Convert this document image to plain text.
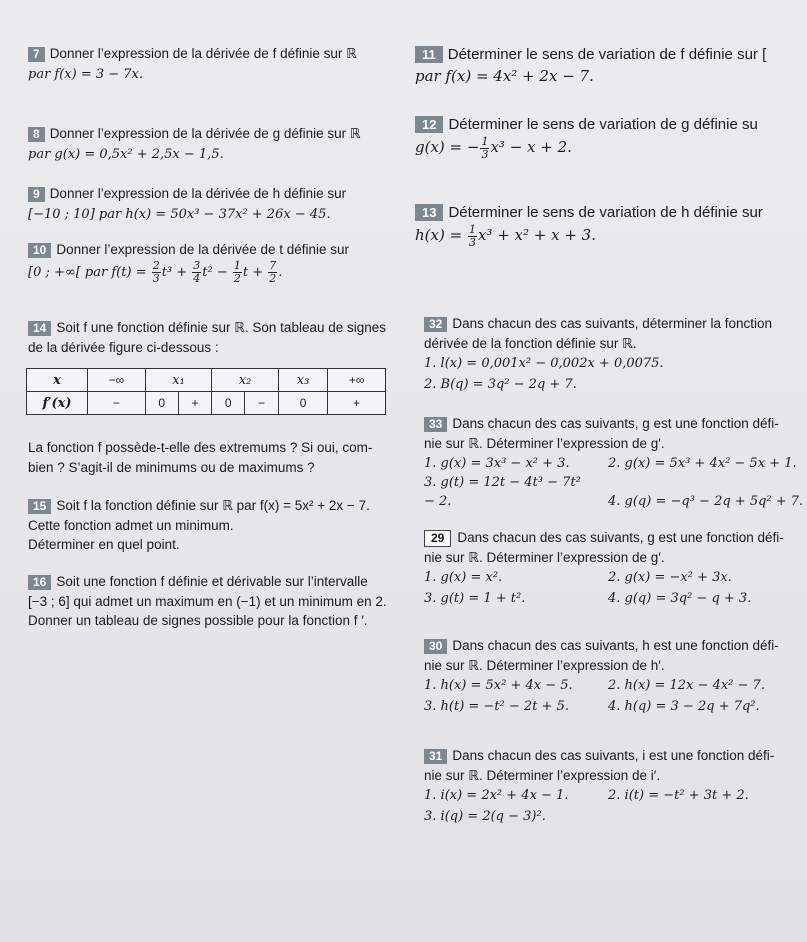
7 Donner l’expression de la dérivée de f définie sur ℝ
par f(x) = 3 − 7x.
8 Donner l’expression de la dérivée de g définie sur ℝ
par g(x) = 0,5x² + 2,5x − 1,5.
9 Donner l’expression de la dérivée de h définie sur
[−10 ; 10] par h(x) = 50x³ − 37x² + 26x − 45.
10 Donner l’expression de la dérivée de t définie sur
[0 ; +∞[ par $f(t) = \frac{2}{3} t^3 + \frac{3}{4} t^2 - \frac{1}{2}$ $t + \frac{7}{2}$ .
14 Soit f une fonction définie sur ℝ. Son tableau de signes
de la dérivée figure ci-dessous :
x	−∞	x₁		x₂		x₃	+∞
f′(x)	−	0	+	0	−	0	+
La fonction f possède-t-elle des extremums ? Si oui, com-
bien ? S’agit-il de minimums ou de maximums ?
15 Soit f la fonction définie sur ℝ par f(x) = 5x² + 2x − 7.
Cette fonction admet un minimum.
Déterminer en quel point.
16 Soit une fonction f définie et dérivable sur l’intervalle
[−3 ; 6] qui admet un maximum en (−1) et un minimum en 2.
Donner un tableau de signes possible pour la fonction f ′.
11 Déterminer le sens de variation de f définie sur [
par f(x) = 4x² + 2x − 7.
12 Déterminer le sens de variation de g définie su
g(x) = − $\frac{1}{3} x^3 - x + 2$.
13 Déterminer le sens de variation de h définie sur
$h(x) = \frac{1}{3} x^3 + x^2 + x + 3$.
32 Dans chacun des cas suivants, déterminer la fonction
dérivée de la fonction définie sur ℝ.
1. l(x) = 0,001x² − 0,002x + 0,0075.
2. B(q) = 3q² − 2q + 7.
33 Dans chacun des cas suivants, g est une fonction défi-
nie sur ℝ. Déterminer l’expression de g′.
1. g(x) = 3x³ − x² + 3.	2. g(x) = 5x³ + 4x² − 5x + 1.
3. g(t) = 12t − 4t³ − 7t² − 2.	4. g(q) = −q³ − 2q + 5q² + 7.
29 Dans chacun des cas suivants, g est une fonction défi-
nie sur ℝ. Déterminer l’expression de g′.
1. g(x) = x².	2. g(x) = −x² + 3x.
3. g(t) = 1 + t².	4. g(q) = 3q² − q + 3.
30 Dans chacun des cas suivants, h est une fonction défi-
nie sur ℝ. Déterminer l’expression de h′.
1. h(x) = 5x² + 4x − 5.	2. h(x) = 12x − 4x² − 7.
3. h(t) = −t² − 2t + 5.	4. h(q) = 3 − 2q + 7q².
31 Dans chacun des cas suivants, i est une fonction défi-
nie sur ℝ. Déterminer l’expression de i′.
1. i(x) = 2x² + 4x − 1.	2. i(t) = −t² + 3t + 2.
3. i(q) = 2(q − 3)².
